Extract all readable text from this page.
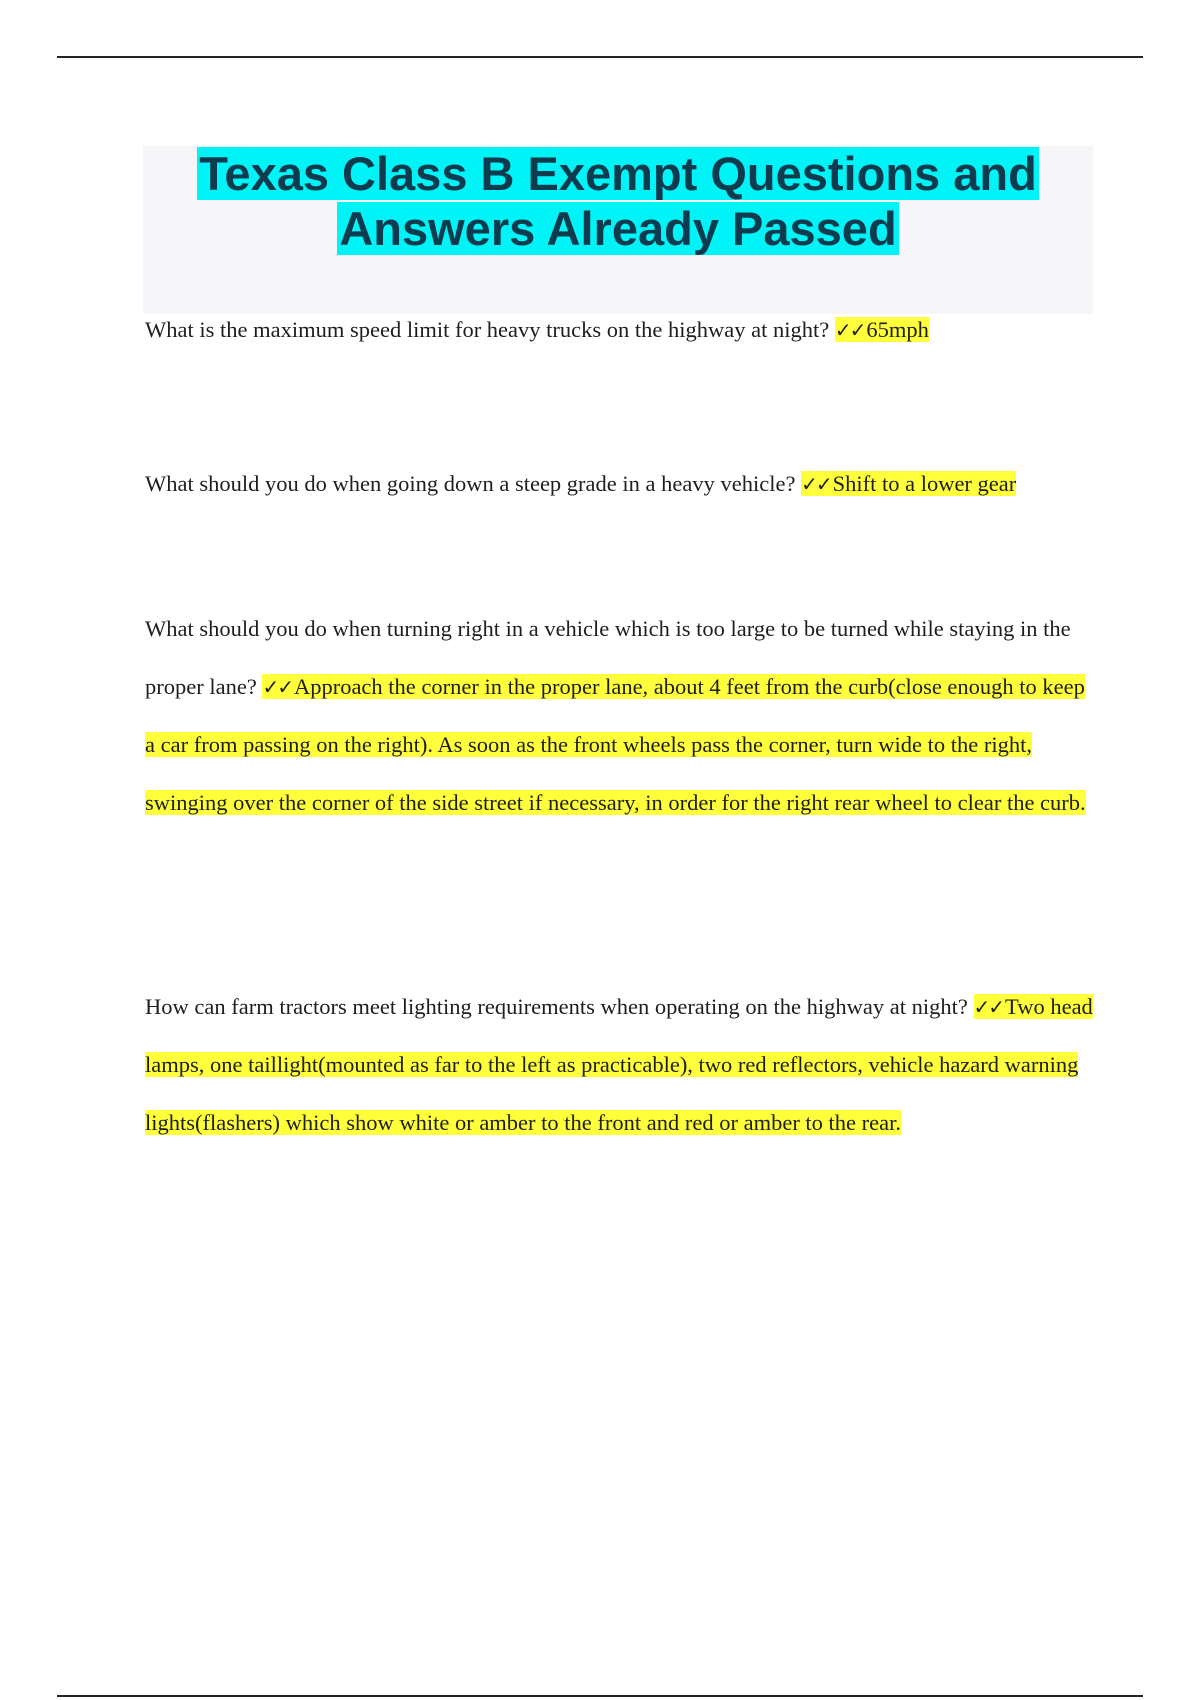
Texas Class B Exempt Questions and
Answers Already Passed

What is the maximum speed limit for heavy trucks on the highway at night? ✓✓65mph

What should you do when going down a steep grade in a heavy vehicle? ✓✓Shift to a lower gear

What should you do when turning right in a vehicle which is too large to be turned while staying in the proper lane? ✓✓Approach the corner in the proper lane, about 4 feet from the curb(close enough to keep a car from passing on the right). As soon as the front wheels pass the corner, turn wide to the right, swinging over the corner of the side street if necessary, in order for the right rear wheel to clear the curb.

How can farm tractors meet lighting requirements when operating on the highway at night? ✓✓Two head lamps, one taillight(mounted as far to the left as practicable), two red reflectors, vehicle hazard warning lights(flashers) which show white or amber to the front and red or amber to the rear.
